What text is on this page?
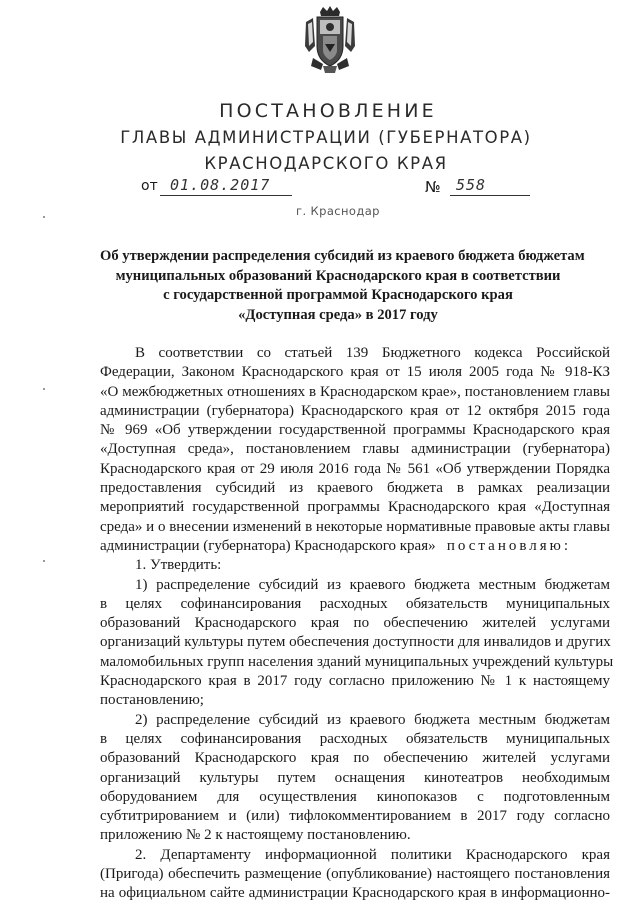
ПОСТАНОВЛЕНИЕ
ГЛАВЫ АДМИНИСТРАЦИИ (ГУБЕРНАТОРА)
КРАСНОДАРСКОГО КРАЯ
от 01.08.2017	№	558
г. Краснодар
Об утверждении распределения субсидий из краевого бюджета бюджетам
муниципальных образований Краснодарского края в соответствии
с государственной программой Краснодарского края
«Доступная среда» в 2017 году
В соответствии со статьей 139 Бюджетного кодекса Российской
Федерации, Законом Краснодарского края от 15 июля 2005 года № 918-КЗ
«О межбюджетных отношениях в Краснодарском крае», постановлением главы
администрации (губернатора) Краснодарского края от 12 октября 2015 года
№ 969 «Об утверждении государственной программы Краснодарского края
«Доступная среда», постановлением главы администрации (губернатора)
Краснодарского края от 29 июля 2016 года № 561 «Об утверждении Порядка
предоставления субсидий из краевого бюджета в рамках реализации
мероприятий государственной программы Краснодарского края «Доступная
среда» и о внесении изменений в некоторые нормативные правовые акты главы
администрации (губернатора) Краснодарского края» постановляю:
1. Утвердить:
1) распределение субсидий из краевого бюджета местным бюджетам
в целях софинансирования расходных обязательств муниципальных
образований Краснодарского края по обеспечению жителей услугами
организаций культуры путем обеспечения доступности для инвалидов и других
маломобильных групп населения зданий муниципальных учреждений культуры
Краснодарского края в 2017 году согласно приложению № 1 к настоящему
постановлению;
2) распределение субсидий из краевого бюджета местным бюджетам
в целях софинансирования расходных обязательств муниципальных
образований Краснодарского края по обеспечению жителей услугами
организаций культуры путем оснащения кинотеатров необходимым
оборудованием для осуществления кинопоказов с подготовленным
субтитрированием и (или) тифлокомментированием в 2017 году согласно
приложению № 2 к настоящему постановлению.
2. Департаменту информационной политики Краснодарского края
(Пригода) обеспечить размещение (опубликование) настоящего постановления
на официальном сайте администрации Краснодарского края в информационно-
